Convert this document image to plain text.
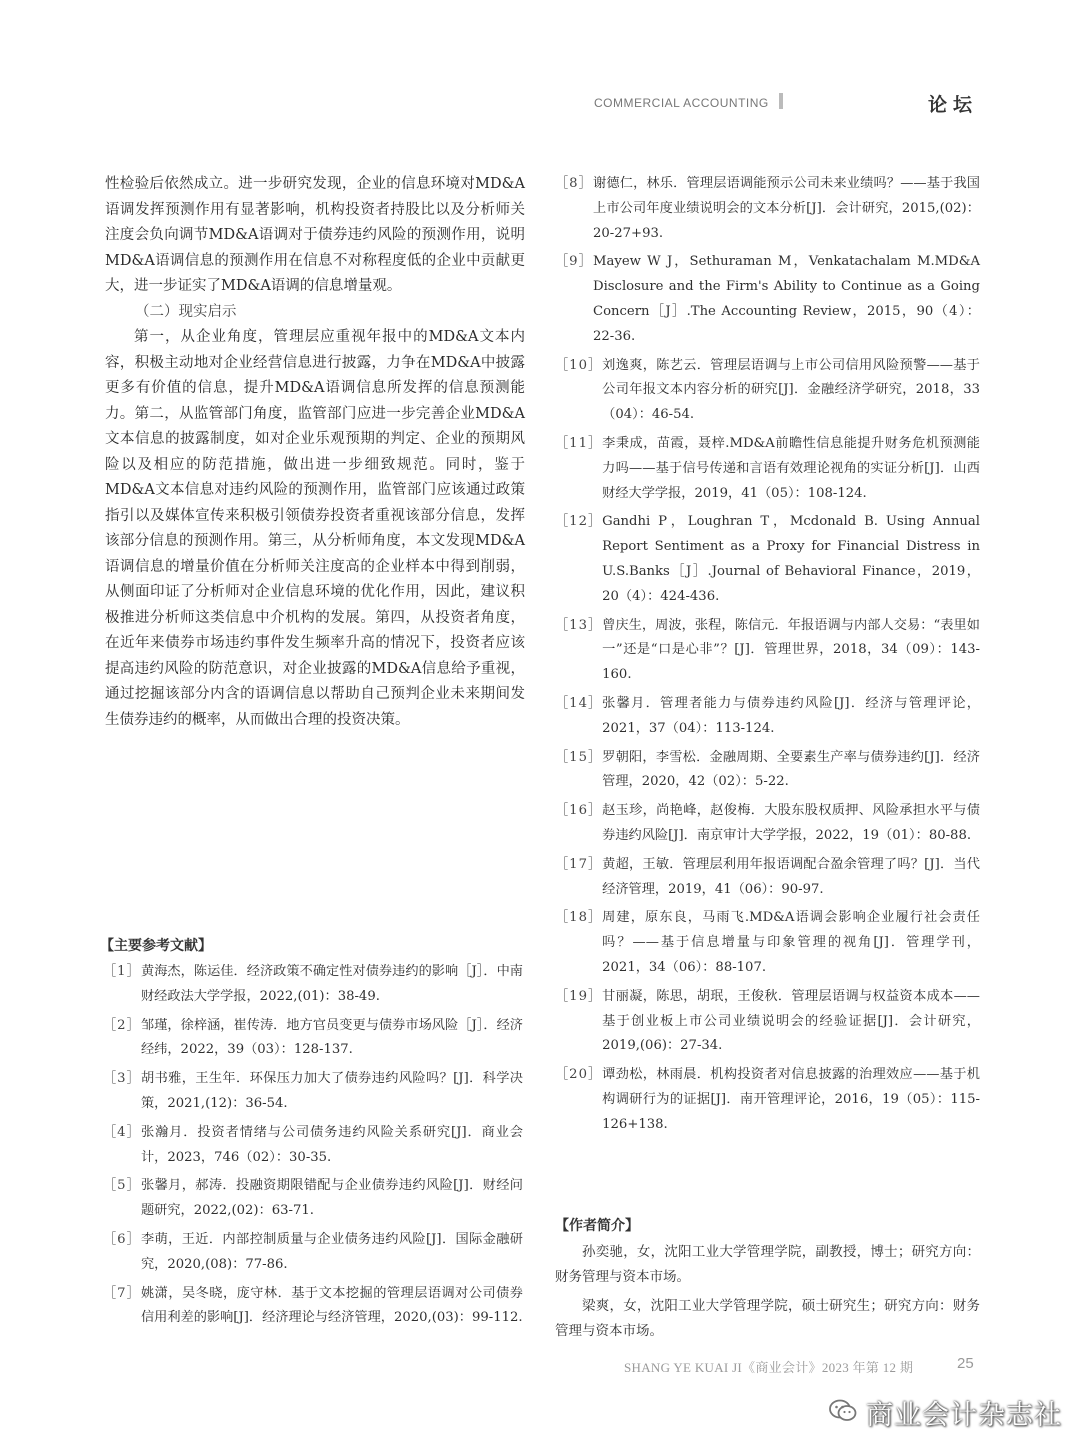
COMMERCIAL ACCOUNTING	论坛

性检验后依然成立。进一步研究发现，企业的信息环境对MD&A语调发挥预测作用有显著影响，机构投资者持股比以及分析师关注度会负向调节MD&A语调对于债券违约风险的预测作用，说明MD&A语调信息的预测作用在信息不对称程度低的企业中贡献更大，进一步证实了MD&A语调的信息增量观。

（二）现实启示

第一，从企业角度，管理层应重视年报中的MD&A文本内容，积极主动地对企业经营信息进行披露，力争在MD&A中披露更多有价值的信息，提升MD&A语调信息所发挥的信息预测能力。第二，从监管部门角度，监管部门应进一步完善企业MD&A文本信息的披露制度，如对企业乐观预期的判定、企业的预期风险以及相应的防范措施，做出进一步细致规范。同时，鉴于MD&A文本信息对违约风险的预测作用，监管部门应该通过政策指引以及媒体宣传来积极引领债券投资者重视该部分信息，发挥该部分信息的预测作用。第三，从分析师角度，本文发现MD&A语调信息的增量价值在分析师关注度高的企业样本中得到削弱，从侧面印证了分析师对企业信息环境的优化作用，因此，建议积极推进分析师这类信息中介机构的发展。第四，从投资者角度，在近年来债券市场违约事件发生频率升高的情况下，投资者应该提高违约风险的防范意识，对企业披露的MD&A信息给予重视，通过挖掘该部分内含的语调信息以帮助自己预判企业未来期间发生债券违约的概率，从而做出合理的投资决策。

【主要参考文献】
［1］ 黄海杰，陈运佳．经济政策不确定性对债券违约的影响［J］．中南财经政法大学学报，2022,(01)：38-49.
［2］ 邹瑾，徐梓涵，崔传涛．地方官员变更与债券市场风险［J］．经济经纬，2022，39（03）：128-137.
［3］ 胡书雅，王生年．环保压力加大了债券违约风险吗？[J]．科学决策，2021,(12)：36-54.
［4］ 张瀚月．投资者情绪与公司债务违约风险关系研究[J]．商业会计，2023，746（02）：30-35.
［5］ 张馨月，郝涛．投融资期限错配与企业债券违约风险[J]．财经问题研究，2022,(02)：63-71.
［6］ 李萌，王近．内部控制质量与企业债务违约风险[J]．国际金融研究，2020,(08)：77-86.
［7］ 姚潇，吴冬晓，庞守林．基于文本挖掘的管理层语调对公司债券信用利差的影响[J]．经济理论与经济管理，2020,(03)：99-112.
［8］ 谢德仁，林乐．管理层语调能预示公司未来业绩吗？——基于我国上市公司年度业绩说明会的文本分析[J]．会计研究，2015,(02)：20-27+93.
［9］ Mayew W J，Sethuraman M，Venkatachalam M.MD&A Disclosure and the Firm's Ability to Continue as a Going Concern［J］.The Accounting Review，2015，90（4）：22-36.
［10］ 刘逸爽，陈艺云．管理层语调与上市公司信用风险预警——基于公司年报文本内容分析的研究[J]．金融经济学研究，2018，33（04）：46-54.
［11］ 李秉成，苗霞，聂梓.MD&A前瞻性信息能提升财务危机预测能力吗——基于信号传递和言语有效理论视角的实证分析[J]．山西财经大学学报，2019，41（05）：108-124.
［12］ Gandhi P，Loughran T，Mcdonald B. Using Annual Report Sentiment as a Proxy for Financial Distress in U.S.Banks［J］.Journal of Behavioral Finance，2019，20（4）：424-436.
［13］ 曾庆生，周波，张程，陈信元．年报语调与内部人交易：“表里如一”还是“口是心非”？[J]．管理世界，2018，34（09）：143-160.
［14］ 张馨月．管理者能力与债券违约风险[J]．经济与管理评论，2021，37（04）：113-124.
［15］ 罗朝阳，李雪松．金融周期、全要素生产率与债券违约[J]．经济管理，2020，42（02）：5-22.
［16］ 赵玉珍，尚艳峰，赵俊梅．大股东股权质押、风险承担水平与债券违约风险[J]．南京审计大学学报，2022，19（01）：80-88.
［17］ 黄超，王敏．管理层利用年报语调配合盈余管理了吗？[J]．当代经济管理，2019，41（06）：90-97.
［18］ 周建，原东良，马雨飞.MD&A语调会影响企业履行社会责任吗？——基于信息增量与印象管理的视角[J]．管理学刊，2021，34（06）：88-107.
［19］ 甘丽凝，陈思，胡珉，王俊秋．管理层语调与权益资本成本——基于创业板上市公司业绩说明会的经验证据[J]．会计研究，2019,(06)：27-34.
［20］ 谭劲松，林雨晨．机构投资者对信息披露的治理效应——基于机构调研行为的证据[J]．南开管理评论，2016，19（05）：115-126+138.
【作者简介】

孙奕驰，女，沈阳工业大学管理学院，副教授，博士；研究方向：财务管理与资本市场。

梁爽，女，沈阳工业大学管理学院，硕士研究生；研究方向：财务管理与资本市场。

SHANG YE KUAI JI《商业会计》2023 年第 12 期	25
商业会计杂志社
